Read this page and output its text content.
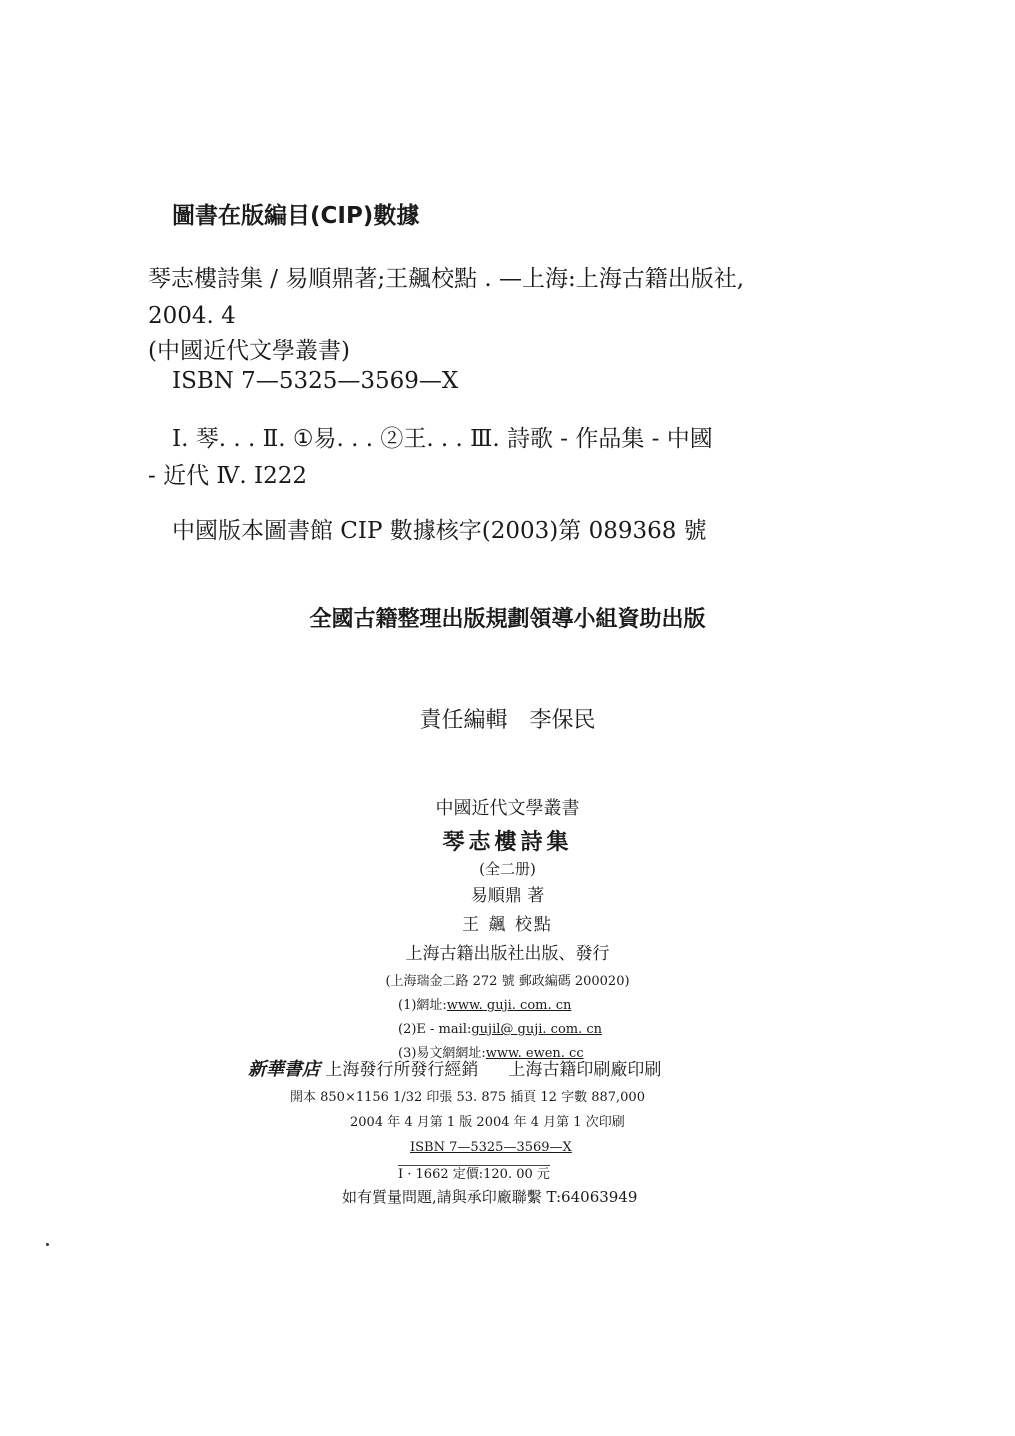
圖書在版編目(CIP)數據
琴志樓詩集 / 易順鼎著;王飆校點 . —上海:上海古籍出版社,
2004. 4
(中國近代文學叢書)
ISBN 7—5325—3569—X
Ⅰ. 琴. . . Ⅱ. ①易. . . ②王. . . Ⅲ. 詩歌 - 作品集 - 中國
- 近代 Ⅳ. I222
中國版本圖書館 CIP 數據核字(2003)第 089368 號
全國古籍整理出版規劃領導小組資助出版
責任編輯 李保民
中國近代文學叢書
琴志樓詩集
(全二册)
易順鼎 著
王 飆 校點
上海古籍出版社出版、發行
(上海瑞金二路 272 號 郵政編碼 200020)
(1)網址:www. guji. com. cn
(2)E - mail:gujil@ guji. com. cn
(3)易文網網址:www. ewen. cc
新華書店 上海發行所發行經銷 上海古籍印刷廠印刷
開本 850×1156 1/32 印張 53. 875 插頁 12 字數 887,000
2004 年 4 月第 1 版 2004 年 4 月第 1 次印刷
ISBN 7—5325—3569—X
I · 1662 定價:120. 00 元
如有質量問題,請與承印廠聯繫 T:64063949
